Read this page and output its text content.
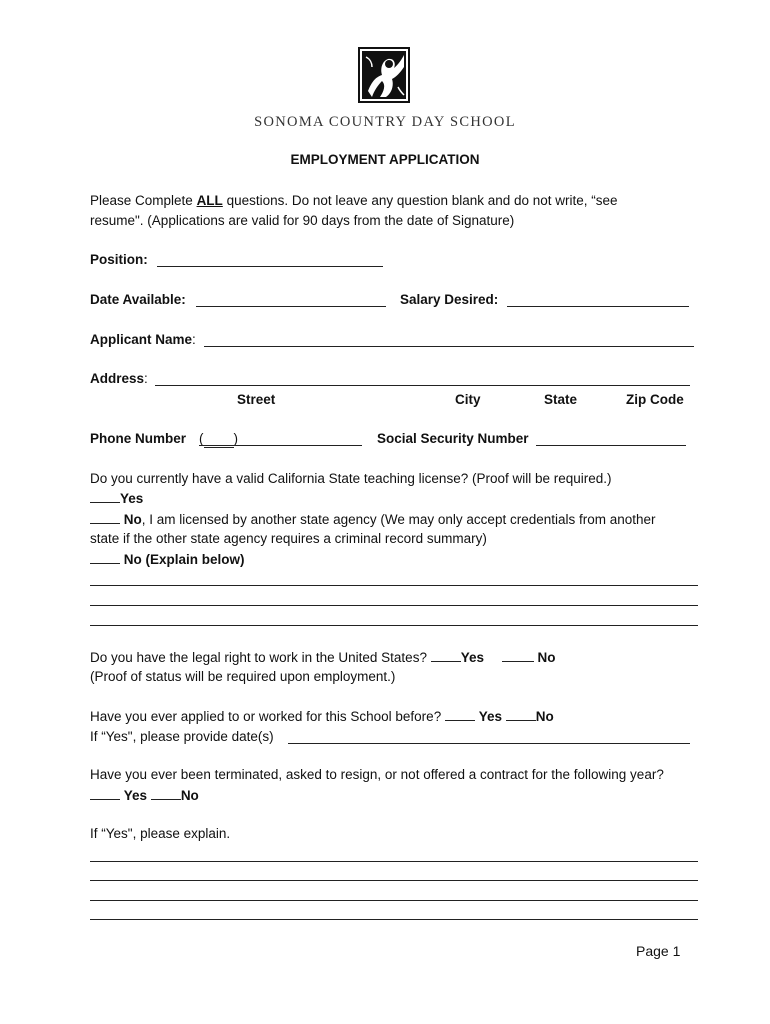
SONOMA COUNTRY DAY SCHOOL
EMPLOYMENT APPLICATION
Please Complete ALL questions. Do not leave any question blank and do not write, “see
resume". (Applications are valid for 90 days from the date of Signature)
Position:
Date Available:	Salary Desired:
Applicant Name:
Address:
Street	City	State	Zip Code
Phone Number ( )	Social Security Number
Do you currently have a valid California State teaching license? (Proof will be required.)
Yes
No, I am licensed by another state agency (We may only accept credentials from another
state if the other state agency requires a criminal record summary)
No (Explain below)
Do you have the legal right to work in the United States?	Yes	No
(Proof of status will be required upon employment.)
Have you ever applied to or worked for this School before?	Yes	No
If “Yes", please provide date(s)
Have you ever been terminated, asked to resign, or not offered a contract for the following year?
Yes	No
If “Yes", please explain.
Page 1
